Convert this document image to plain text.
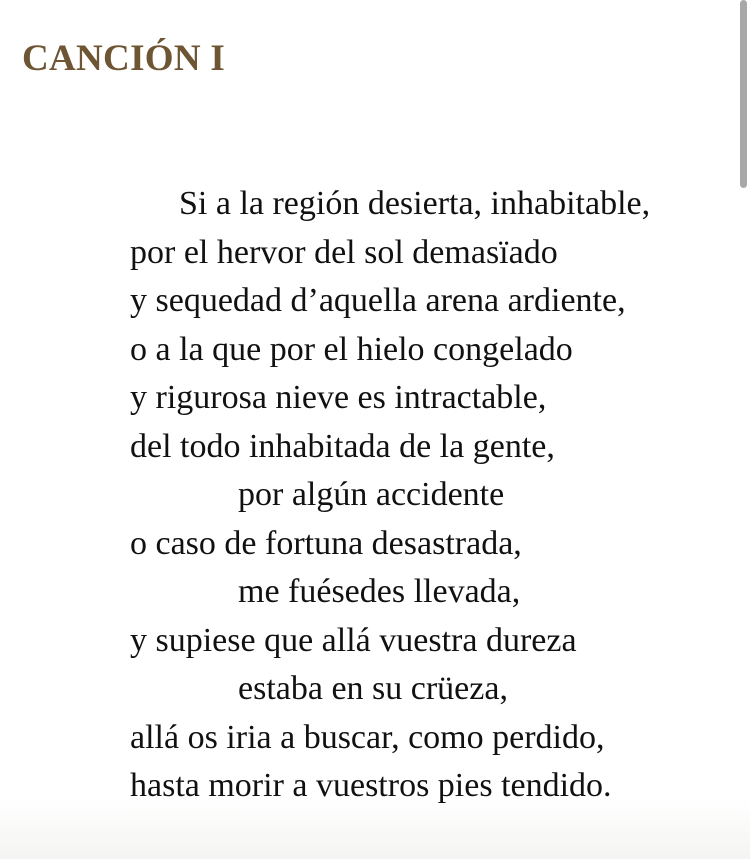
CANCIÓN I
Si a la región desierta, inhabitable,
por el hervor del sol demasïado
y sequedad d’aquella arena ardiente,
o a la que por el hielo congelado
y rigurosa nieve es intractable,
del todo inhabitada de la gente,
por algún accidente
o caso de fortuna desastrada,
me fuésedes llevada,
y supiese que allá vuestra dureza
estaba en su crüeza,
allá os iria a buscar, como perdido,
hasta morir a vuestros pies tendido.
